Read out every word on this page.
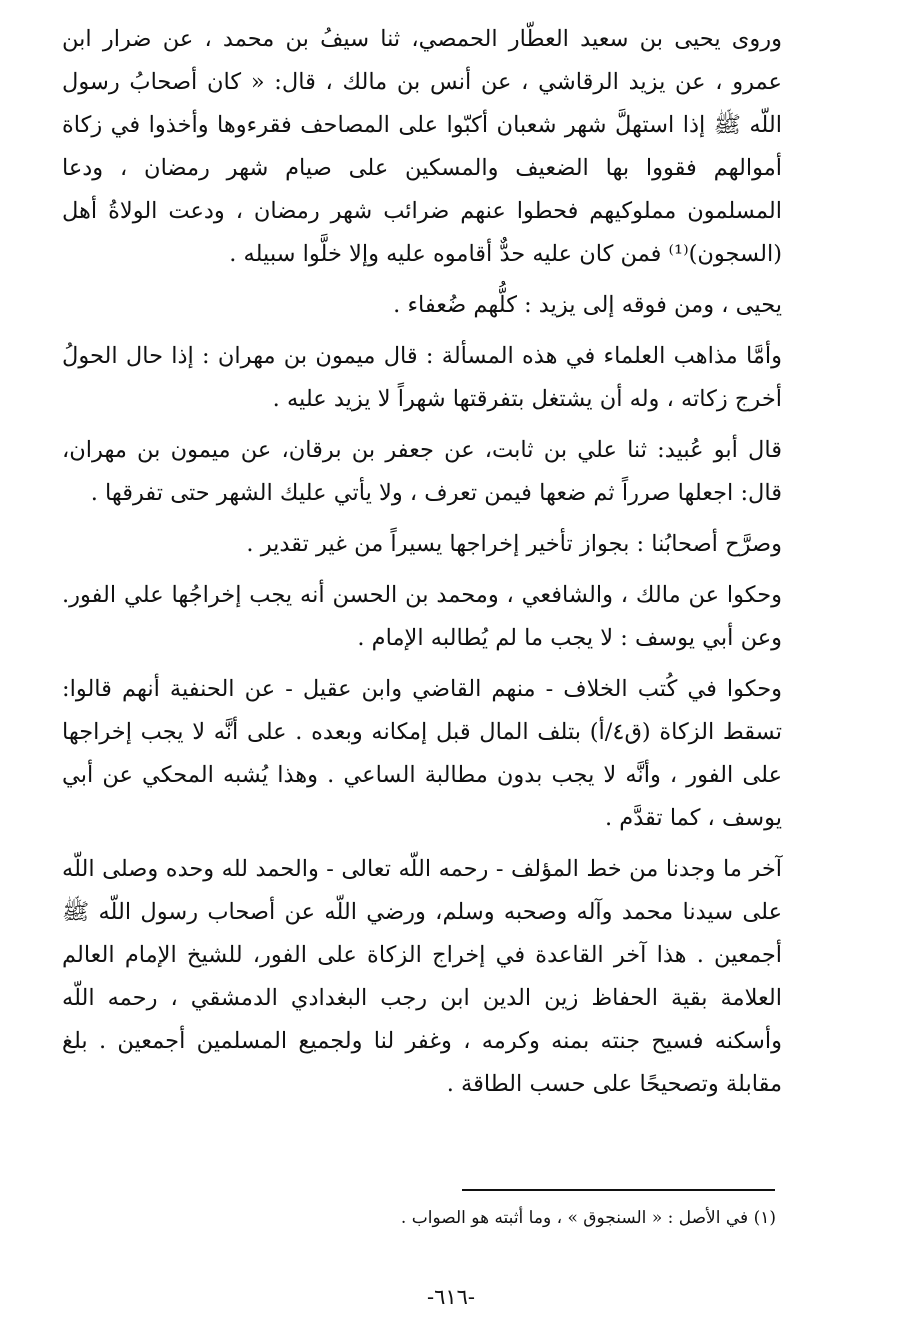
وروى يحيى بن سعيد العطّار الحمصي، ثنا سيفُ بن محمد ، عن ضرار ابن عمرو ، عن يزيد الرقاشي ، عن أنس بن مالك ، قال: « كان أصحابُ رسول اللّه ﷺ إذا استهلَّ شهر شعبان أكبّوا على المصاحف فقرءوها وأخذوا في زكاة أموالهم فقووا بها الضعيف والمسكين على صيام شهر رمضان ، ودعا المسلمون مملوكيهم فحطوا عنهم ضرائب شهر رمضان ، ودعت الولاةُ أهل (السجون)⁽¹⁾ فمن كان عليه حدٌّ أقاموه عليه وإلا خلَّوا سبيله .

يحيى ، ومن فوقه إلى يزيد : كلُّهم ضُعفاء .

وأمَّا مذاهب العلماء في هذه المسألة : قال ميمون بن مهران : إذا حال الحولُ أخرج زكاته ، وله أن يشتغل بتفرقتها شهراً لا يزيد عليه .

قال أبو عُبيد: ثنا علي بن ثابت، عن جعفر بن برقان، عن ميمون بن مهران، قال: اجعلها صرراً ثم ضعها فيمن تعرف ، ولا يأتي عليك الشهر حتى تفرقها .

وصرَّح أصحابُنا : بجواز تأخير إخراجها يسيراً من غير تقدير .

وحكوا عن مالك ، والشافعي ، ومحمد بن الحسن أنه يجب إخراجُها علي الفور. وعن أبي يوسف : لا يجب ما لم يُطالبه الإمام .

وحكوا في كُتب الخلاف - منهم القاضي وابن عقيل - عن الحنفية أنهم قالوا: تسقط الزكاة (ق٤/أ) بتلف المال قبل إمكانه وبعده . على أنَّه لا يجب إخراجها على الفور ، وأنَّه لا يجب بدون مطالبة الساعي . وهذا يُشبه المحكي عن أبي يوسف ، كما تقدَّم .

آخر ما وجدنا من خط المؤلف - رحمه اللّه تعالى - والحمد لله وحده وصلى اللّه على سيدنا محمد وآله وصحبه وسلم، ورضي اللّه عن أصحاب رسول اللّه ﷺ أجمعين . هذا آخر القاعدة في إخراج الزكاة على الفور، للشيخ الإمام العالم العلامة بقية الحفاظ زين الدين ابن رجب البغدادي الدمشقي ، رحمه اللّه وأسكنه فسيح جنته بمنه وكرمه ، وغفر لنا ولجميع المسلمين أجمعين . بلغ مقابلة وتصحيحًا على حسب الطاقة .

(١) في الأصل : « السنجوق » ، وما أثبته هو الصواب .
-٦١٦-
